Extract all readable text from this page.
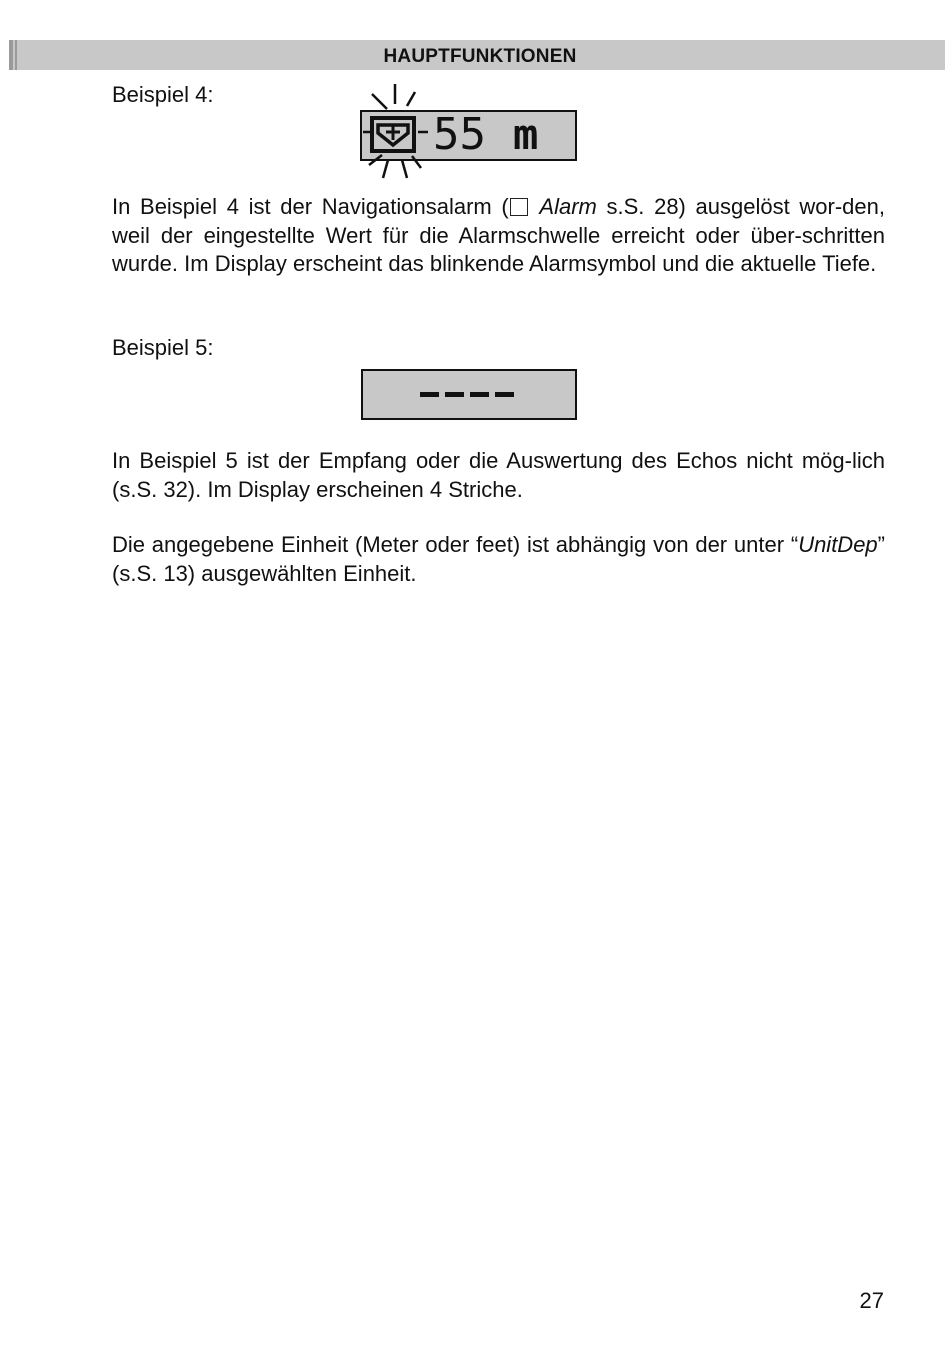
HAUPTFUNKTIONEN
Beispiel 4:
55 m
In Beispiel 4 ist der Navigationsalarm ( Alarm s.S. 28) ausgelöst wor-den, weil der eingestellte Wert für die Alarmschwelle erreicht oder über-schritten wurde. Im Display erscheint das blinkende Alarmsymbol und die aktuelle Tiefe.
Beispiel 5:
In Beispiel 5 ist der Empfang oder die Auswertung des Echos nicht mög-lich (s.S. 32). Im Display erscheinen 4 Striche.
Die angegebene Einheit (Meter oder feet) ist abhängig von der unter “UnitDep” (s.S. 13) ausgewählten Einheit.
27
